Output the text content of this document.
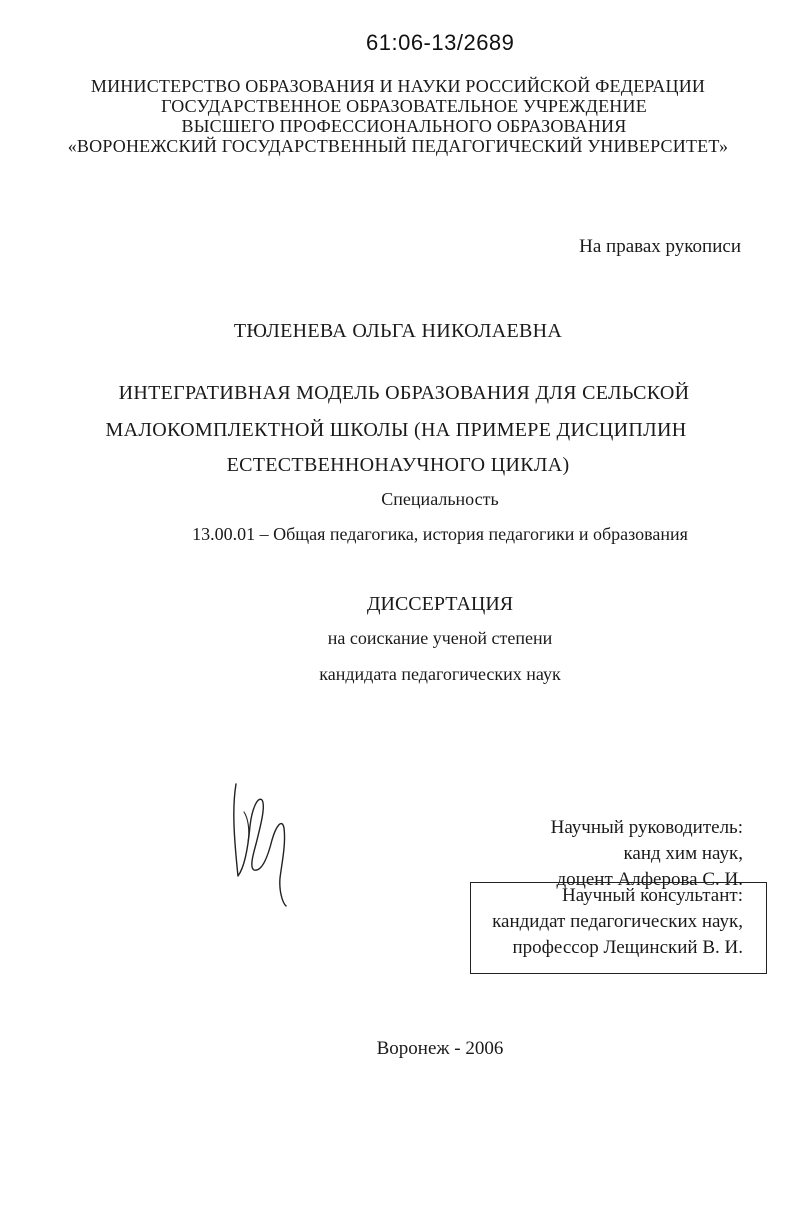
61:06-13/2689
МИНИСТЕРСТВО ОБРАЗОВАНИЯ И НАУКИ РОССИЙСКОЙ ФЕДЕРАЦИИ
ГОСУДАРСТВЕННОЕ ОБРАЗОВАТЕЛЬНОЕ УЧРЕЖДЕНИЕ
ВЫСШЕГО ПРОФЕССИОНАЛЬНОГО ОБРАЗОВАНИЯ
«ВОРОНЕЖСКИЙ ГОСУДАРСТВЕННЫЙ ПЕДАГОГИЧЕСКИЙ УНИВЕРСИТЕТ»
На правах рукописи
ТЮЛЕНЕВА ОЛЬГА НИКОЛАЕВНА
ИНТЕГРАТИВНАЯ МОДЕЛЬ ОБРАЗОВАНИЯ ДЛЯ СЕЛЬСКОЙ
МАЛОКОМПЛЕКТНОЙ ШКОЛЫ (НА ПРИМЕРЕ ДИСЦИПЛИН
ЕСТЕСТВЕННОНАУЧНОГО ЦИКЛА)
Специальность
13.00.01 – Общая педагогика, история педагогики и образования
ДИССЕРТАЦИЯ
на соискание ученой степени
кандидата педагогических наук
Научный руководитель:
канд хим наук,
доцент Алферова С. И.
Научный консультант:
кандидат педагогических наук,
профессор Лещинский В. И.
Воронеж - 2006
